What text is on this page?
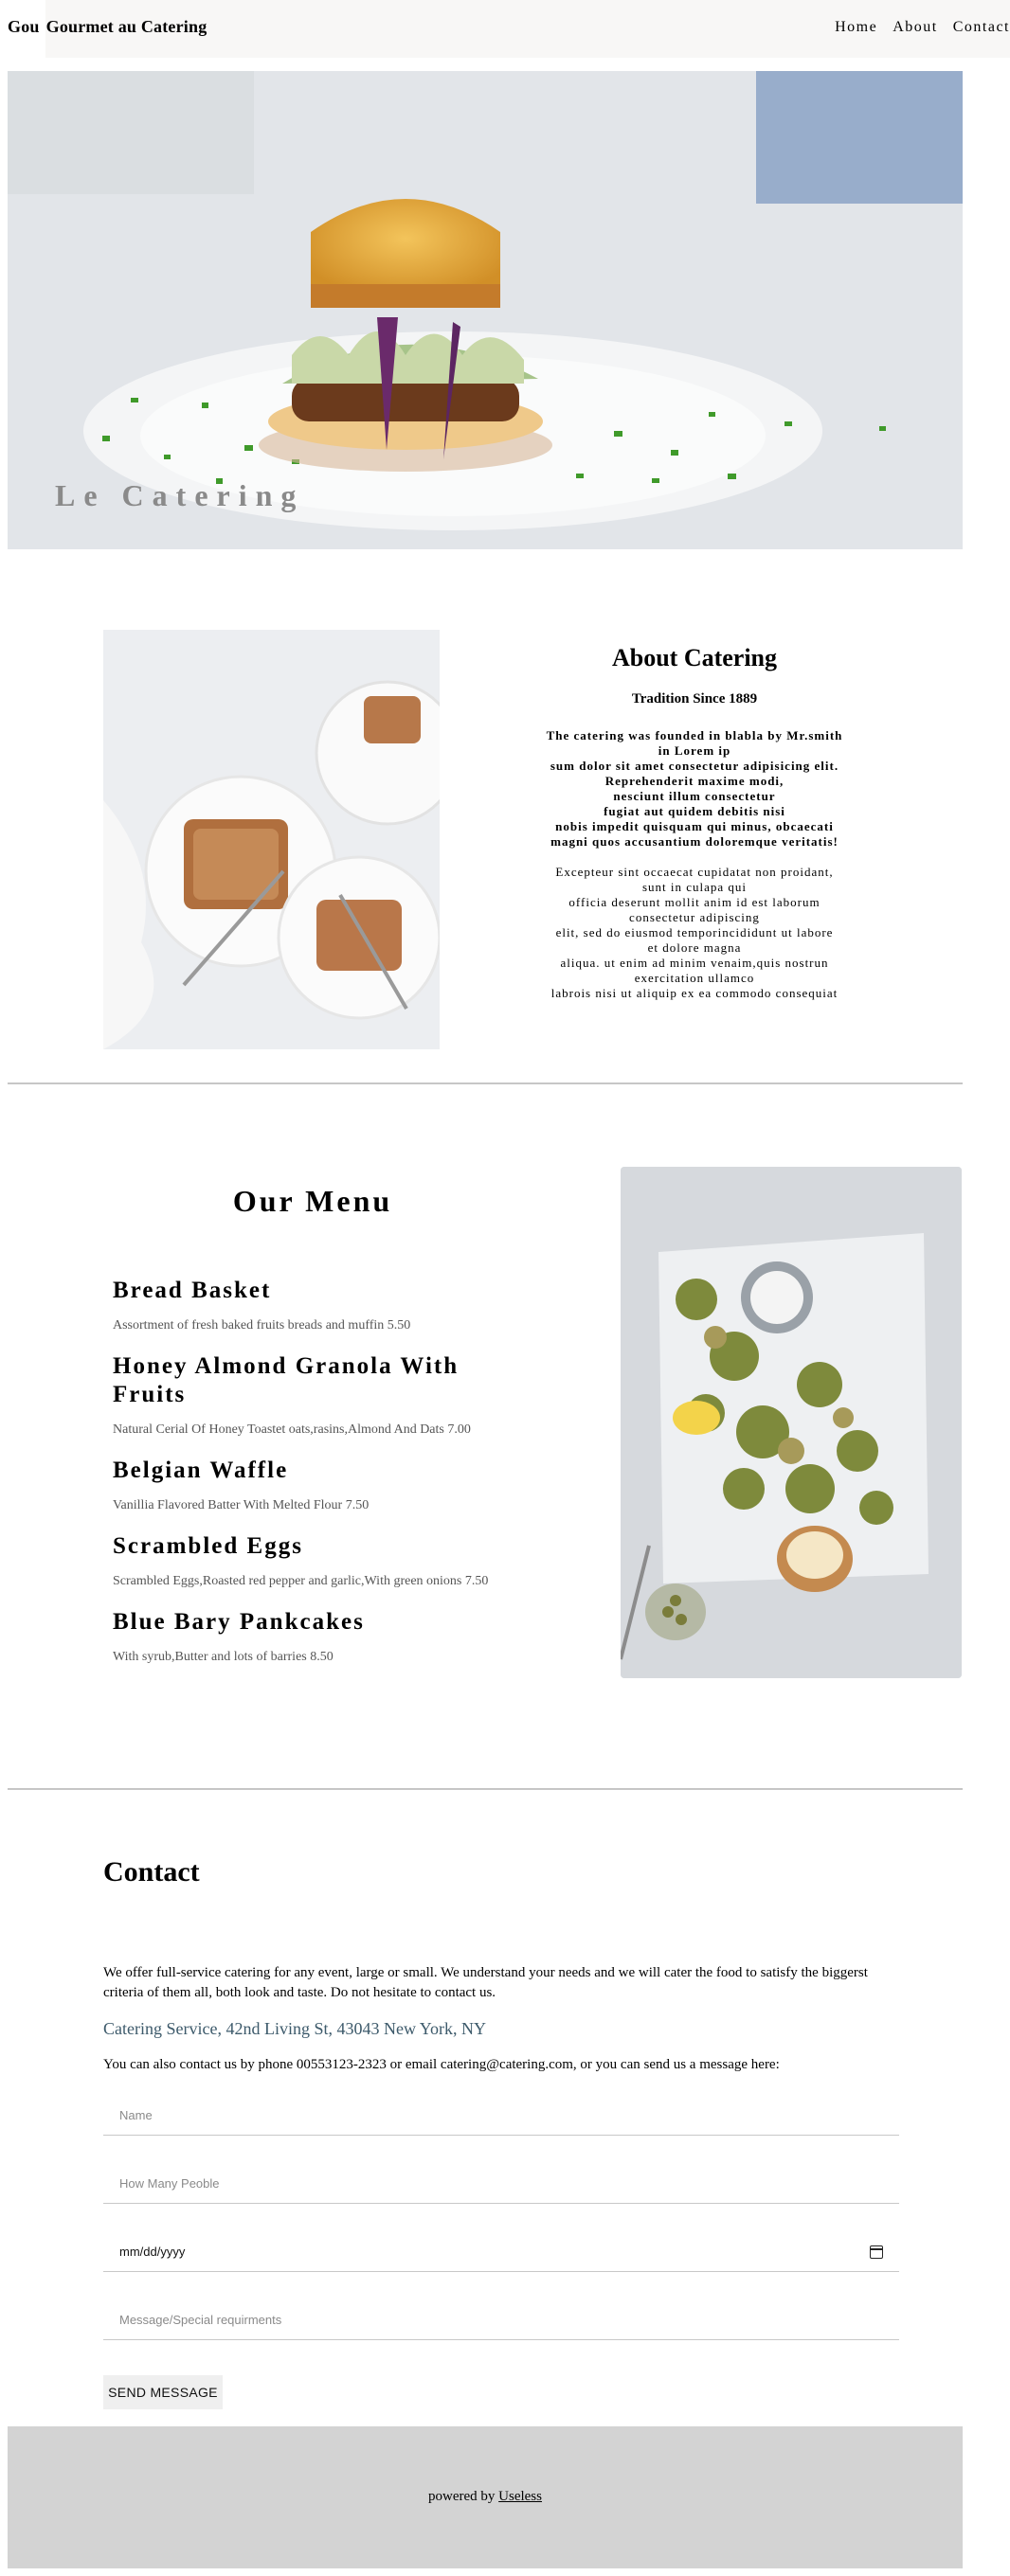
Gou Gourmet au Catering	Home About Contact
Le Catering
About Catering
Tradition Since 1889
The catering was founded in blabla by Mr.smith
in Lorem ip
sum dolor sit amet consectetur adipisicing elit.
Reprehenderit maxime modi,
nesciunt illum consectetur
fugiat aut quidem debitis nisi
nobis impedit quisquam qui minus, obcaecati
magni quos accusantium doloremque veritatis!
Excepteur sint occaecat cupidatat non proidant,
sunt in culapa qui
officia deserunt mollit anim id est laborum
consectetur adipiscing
elit, sed do eiusmod temporincididunt ut labore
et dolore magna
aliqua. ut enim ad minim venaim,quis nostrun
exercitation ullamco
labrois nisi ut aliquip ex ea commodo consequiat
Our Menu
Bread Basket
Assortment of fresh baked fruits breads and muffin 5.50
Honey Almond Granola With Fruits
Natural Cerial Of Honey Toastet oats,rasins,Almond And Dats 7.00
Belgian Waffle
Vanillia Flavored Batter With Melted Flour 7.50
Scrambled Eggs
Scrambled Eggs,Roasted red pepper and garlic,With green onions 7.50
Blue Bary Pankcakes
With syrub,Butter and lots of barries 8.50
Contact
We offer full-service catering for any event, large or small. We understand your needs and we will cater the food to satisfy the biggerst criteria of them all, both look and taste. Do not hesitate to contact us.
Catering Service, 42nd Living St, 43043 New York, NY
You can also contact us by phone 00553123-2323 or email catering@catering.com, or you can send us a message here:
Name
How Many Peoble
mm/dd/yyyy
Message/Special requirments
SEND MESSAGE
powered by Useless
